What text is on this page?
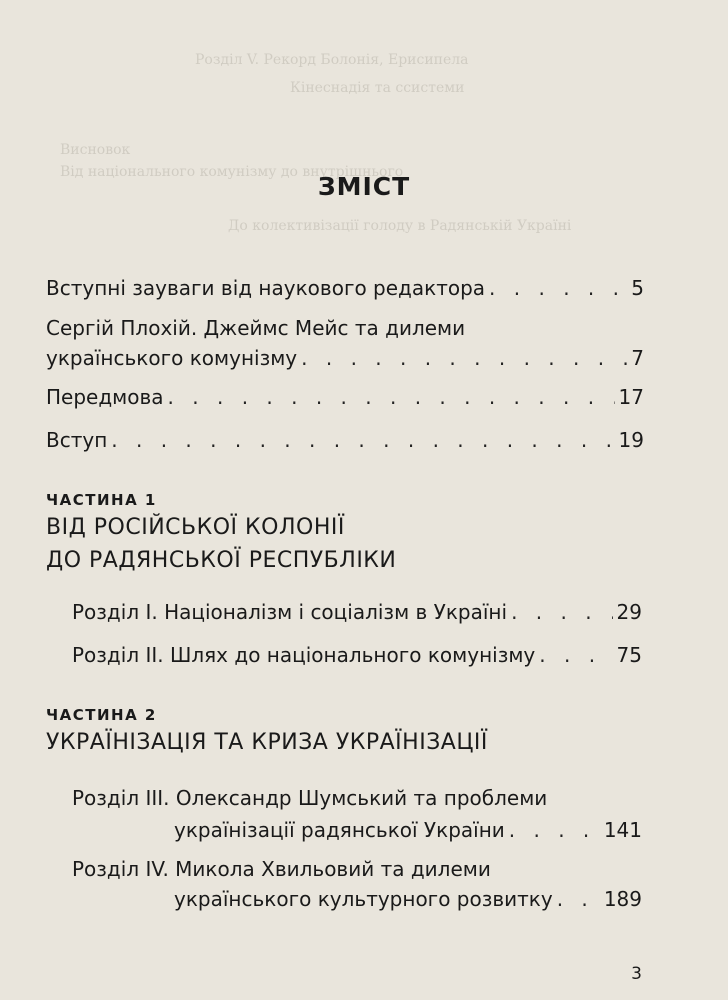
Розділ V. Рекорд Болонія, Ерисипела
Кінеснадія та ссистеми
Висновок
Від національного комунізму до внутрішнього
До колективізації голоду в Радянській Україні
ЗМІСТ
Вступні зауваги від наукового редактора . . .	5
Сергій Плохій. Джеймс Мейс та дилеми
українського комунізму . . .	7
Передмова . . .	17
Вступ . . .	19
ЧАСТИНА 1
ВІД РОСІЙСЬКОЇ КОЛОНІЇ
ДО РАДЯНСЬКОЇ РЕСПУБЛІКИ
Розділ І. Націоналізм і соціалізм в Україні . . .	29
Розділ ІІ. Шлях до національного комунізму . . .	75
ЧАСТИНА 2
УКРАЇНІЗАЦІЯ ТА КРИЗА УКРАЇНІЗАЦІЇ
Розділ ІІІ. Олександр Шумський та проблеми
українізації радянської України . . .	141
Розділ IV. Микола Хвильовий та дилеми
українського культурного розвитку . . .	189
3
